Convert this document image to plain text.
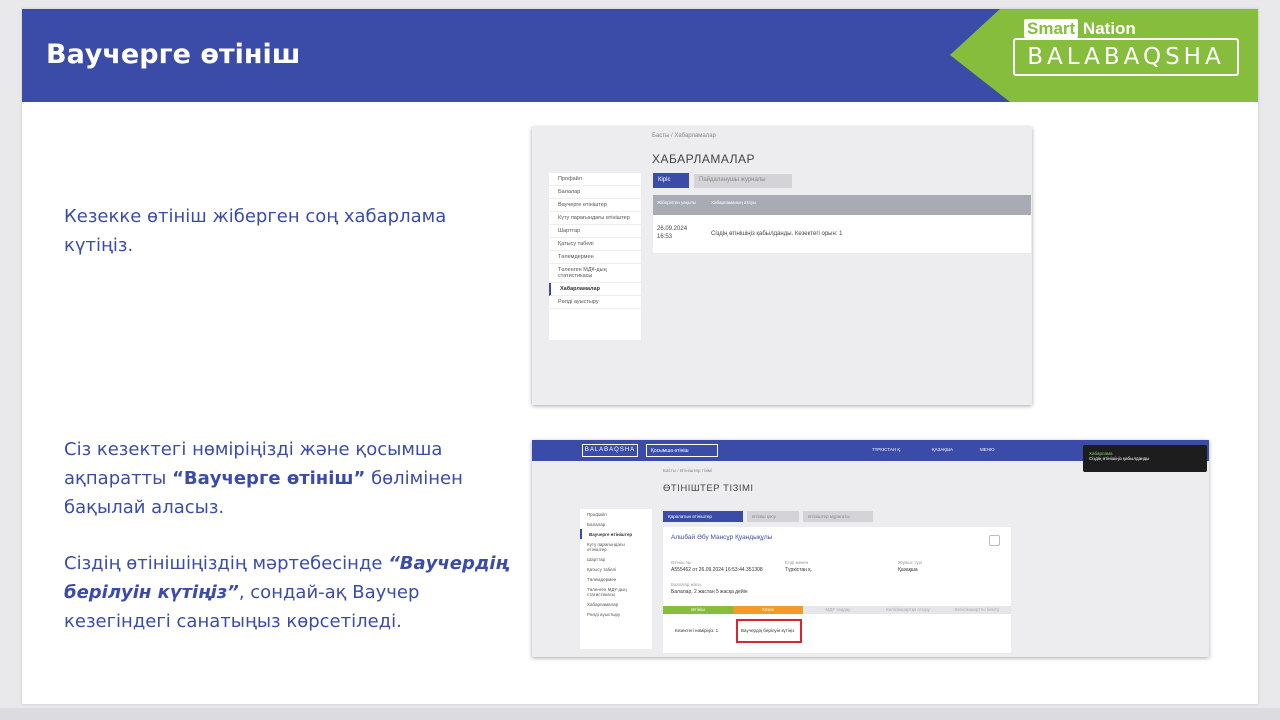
Ваучерге өтініш
Smart Nation
BALABAQSHA
Кезекке өтініш жіберген соң хабарлама күтіңіз.
Сіз кезектегі нөміріңізді және қосымша ақпаратты “Ваучерге өтініш” бөлімінен бақылай аласыз.
Сіздің өтінішіңіздің мәртебесінде “Ваучердің берілуін күтіңіз”, сондай-ақ Ваучер кезегіндегі санатыңыз көрсетіледі.
Басты / Хабарламалар
ХАБАРЛАМАЛАР
Профайл
Балалар
Ваучерге өтініштер
Күту парағындағы өтініштер
Шарттар
Қатысу табелі
Төлемдермен
Төленген МДҰ-дың статистикасы
Хабарламалар
Рөлді ауыстыру
Кіріс	Пайдаланушы журналы
Жіберілген уақыты	Хабарламаның атауы
26.09.2024
16:53	Сіздің өтінішіңіз қабылданды. Кезектегі орын: 1
BALABAQSHA	Қосымша өтініш	ТҮРКІСТАН Қ.	ҚАЗАҚША	МЕНЮ
Басты / Өтініштер тізімі
ӨТІНІШТЕР ТІЗІМІ
Профайл
Балалар
Ваучерге өтініштер
Күту парағындағы өтініштер
Шарттар
Қатысу табелі
Төлемдермен
Төленген МДҰ-дың статистикасы
Хабарламалар
Рөлді ауыстыру
Қаралатын өтініштер	Өтініш қосу	Өтініштер мұрағаты
Алшбай Әбу Мансұр Қуандықұлы
Өтініш №
A555462 от 26.09.2024 16:53:44.351308
Елді мекен
Түркістан қ.
Жұмыс түрі
Қазақша
Балалар жасы
Балалар, 2 жастан 5 жасқа дейін
Өтініш	Кезек	МДҰ таңдау	Келісімшартқа отыру	Келісімшартты бекіту
Кезектегі нөміріңіз: 1	Ваучердің берілуін күтіңіз
Хабарлама
Сіздің өтінішіңіз қабылданды
